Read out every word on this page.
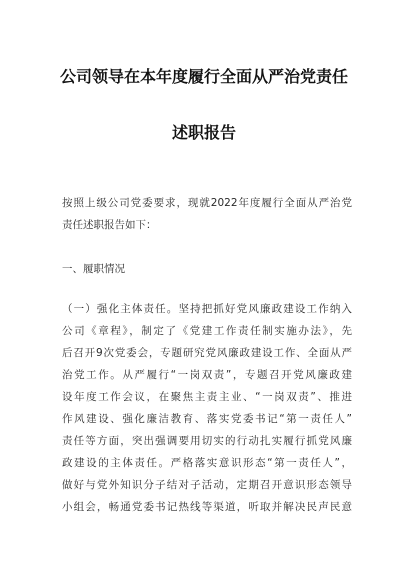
公司领导在本年度履行全面从严治党责任
述职报告
按照上级公司党委要求，现就2022年度履行全面从严治党
责任述职报告如下：
一、履职情况
（一）强化主体责任。坚持把抓好党风廉政建设工作纳入
公司《章程》，制定了《党建工作责任制实施办法》，先
后召开9次党委会，专题研究党风廉政建设工作、全面从严
治党工作。从严履行“一岗双责”，专题召开党风廉政建
设年度工作会议，在聚焦主责主业、“一岗双责”、推进
作风建设、强化廉洁教育、落实党委书记“第一责任人”
责任等方面，突出强调要用切实的行动扎实履行抓党风廉
政建设的主体责任。严格落实意识形态“第一责任人”，
做好与党外知识分子结对子活动，定期召开意识形态领导
小组会，畅通党委书记热线等渠道，听取并解决民声民意
